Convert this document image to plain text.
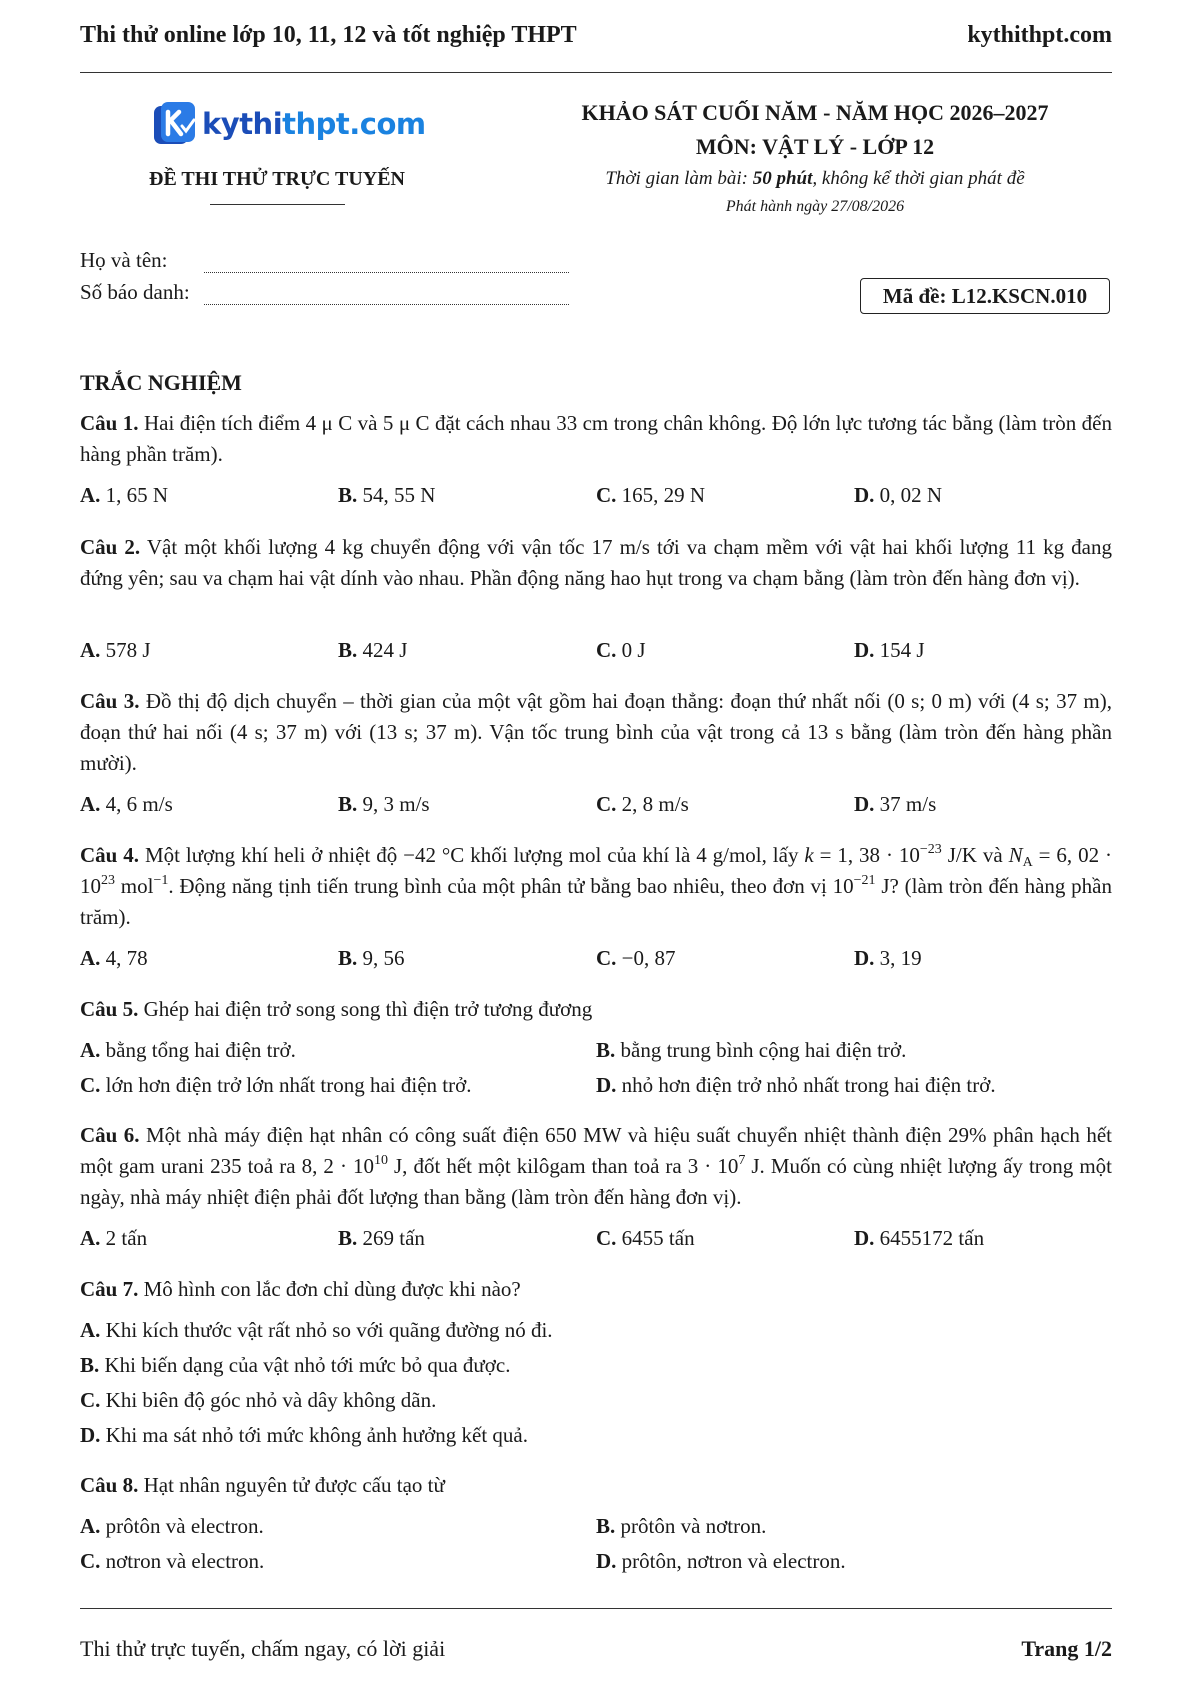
Thi thử online lớp 10, 11, 12 và tốt nghiệp THPT	kythithpt.com
kythithpt.com
ĐỀ THI THỬ TRỰC TUYẾN
KHẢO SÁT CUỐI NĂM - NĂM HỌC 2026–2027
MÔN: VẬT LÝ - LỚP 12
Thời gian làm bài: 50 phút, không kể thời gian phát đề
Phát hành ngày 27/08/2026
Họ và tên:
Số báo danh:	Mã đề: L12.KSCN.010
TRẮC NGHIỆM
Câu 1. Hai điện tích điểm 4 μ C và 5 μ C đặt cách nhau 33 cm trong chân không. Độ lớn lực tương tác bằng (làm tròn đến hàng phần trăm).
A. 1, 65 N	B. 54, 55 N	C. 165, 29 N	D. 0, 02 N
Câu 2. Vật một khối lượng 4 kg chuyển động với vận tốc 17 m/s tới va chạm mềm với vật hai khối lượng 11 kg đang đứng yên; sau va chạm hai vật dính vào nhau. Phần động năng hao hụt trong va chạm bằng (làm tròn đến hàng đơn vị).
A. 578 J	B. 424 J	C. 0 J	D. 154 J
Câu 3. Đồ thị độ dịch chuyển – thời gian của một vật gồm hai đoạn thẳng: đoạn thứ nhất nối (0 s; 0 m) với (4 s; 37 m), đoạn thứ hai nối (4 s; 37 m) với (13 s; 37 m). Vận tốc trung bình của vật trong cả 13 s bằng (làm tròn đến hàng phần mười).
A. 4, 6 m/s	B. 9, 3 m/s	C. 2, 8 m/s	D. 37 m/s
Câu 4. Một lượng khí heli ở nhiệt độ −42 °C khối lượng mol của khí là 4 g/mol, lấy k = 1, $38 \cdot 10^{-23}$ J/K và $N_A = 6$, $02 \cdot 10^{23}$ mol$^{-1}$. Động năng tịnh tiến trung bình của một phân tử bằng bao nhiêu, theo đơn vị $10^{-21}$ J? (làm tròn đến hàng phần trăm).
A. 4, 78	B. 9, 56	C. −0, 87	D. 3, 19
Câu 5. Ghép hai điện trở song song thì điện trở tương đương
A. bằng tổng hai điện trở.	B. bằng trung bình cộng hai điện trở.
C. lớn hơn điện trở lớn nhất trong hai điện trở.	D. nhỏ hơn điện trở nhỏ nhất trong hai điện trở.
Câu 6. Một nhà máy điện hạt nhân có công suất điện 650 MW và hiệu suất chuyển nhiệt thành điện 29% phân hạch hết một gam urani 235 toả ra 8, $2 \cdot 10^{10}$ J, đốt hết một kilôgam than toả ra $3 \cdot 10^7$ J. Muốn có cùng nhiệt lượng ấy trong một ngày, nhà máy nhiệt điện phải đốt lượng than bằng (làm tròn đến hàng đơn vị).
A. 2 tấn	B. 269 tấn	C. 6455 tấn	D. 6455172 tấn
Câu 7. Mô hình con lắc đơn chỉ dùng được khi nào?
A. Khi kích thước vật rất nhỏ so với quãng đường nó đi.
B. Khi biến dạng của vật nhỏ tới mức bỏ qua được.
C. Khi biên độ góc nhỏ và dây không dãn.
D. Khi ma sát nhỏ tới mức không ảnh hưởng kết quả.
Câu 8. Hạt nhân nguyên tử được cấu tạo từ
A. prôtôn và electron.	B. prôtôn và nơtron.
C. nơtron và electron.	D. prôtôn, nơtron và electron.
Thi thử trực tuyến, chấm ngay, có lời giải	Trang 1/2
